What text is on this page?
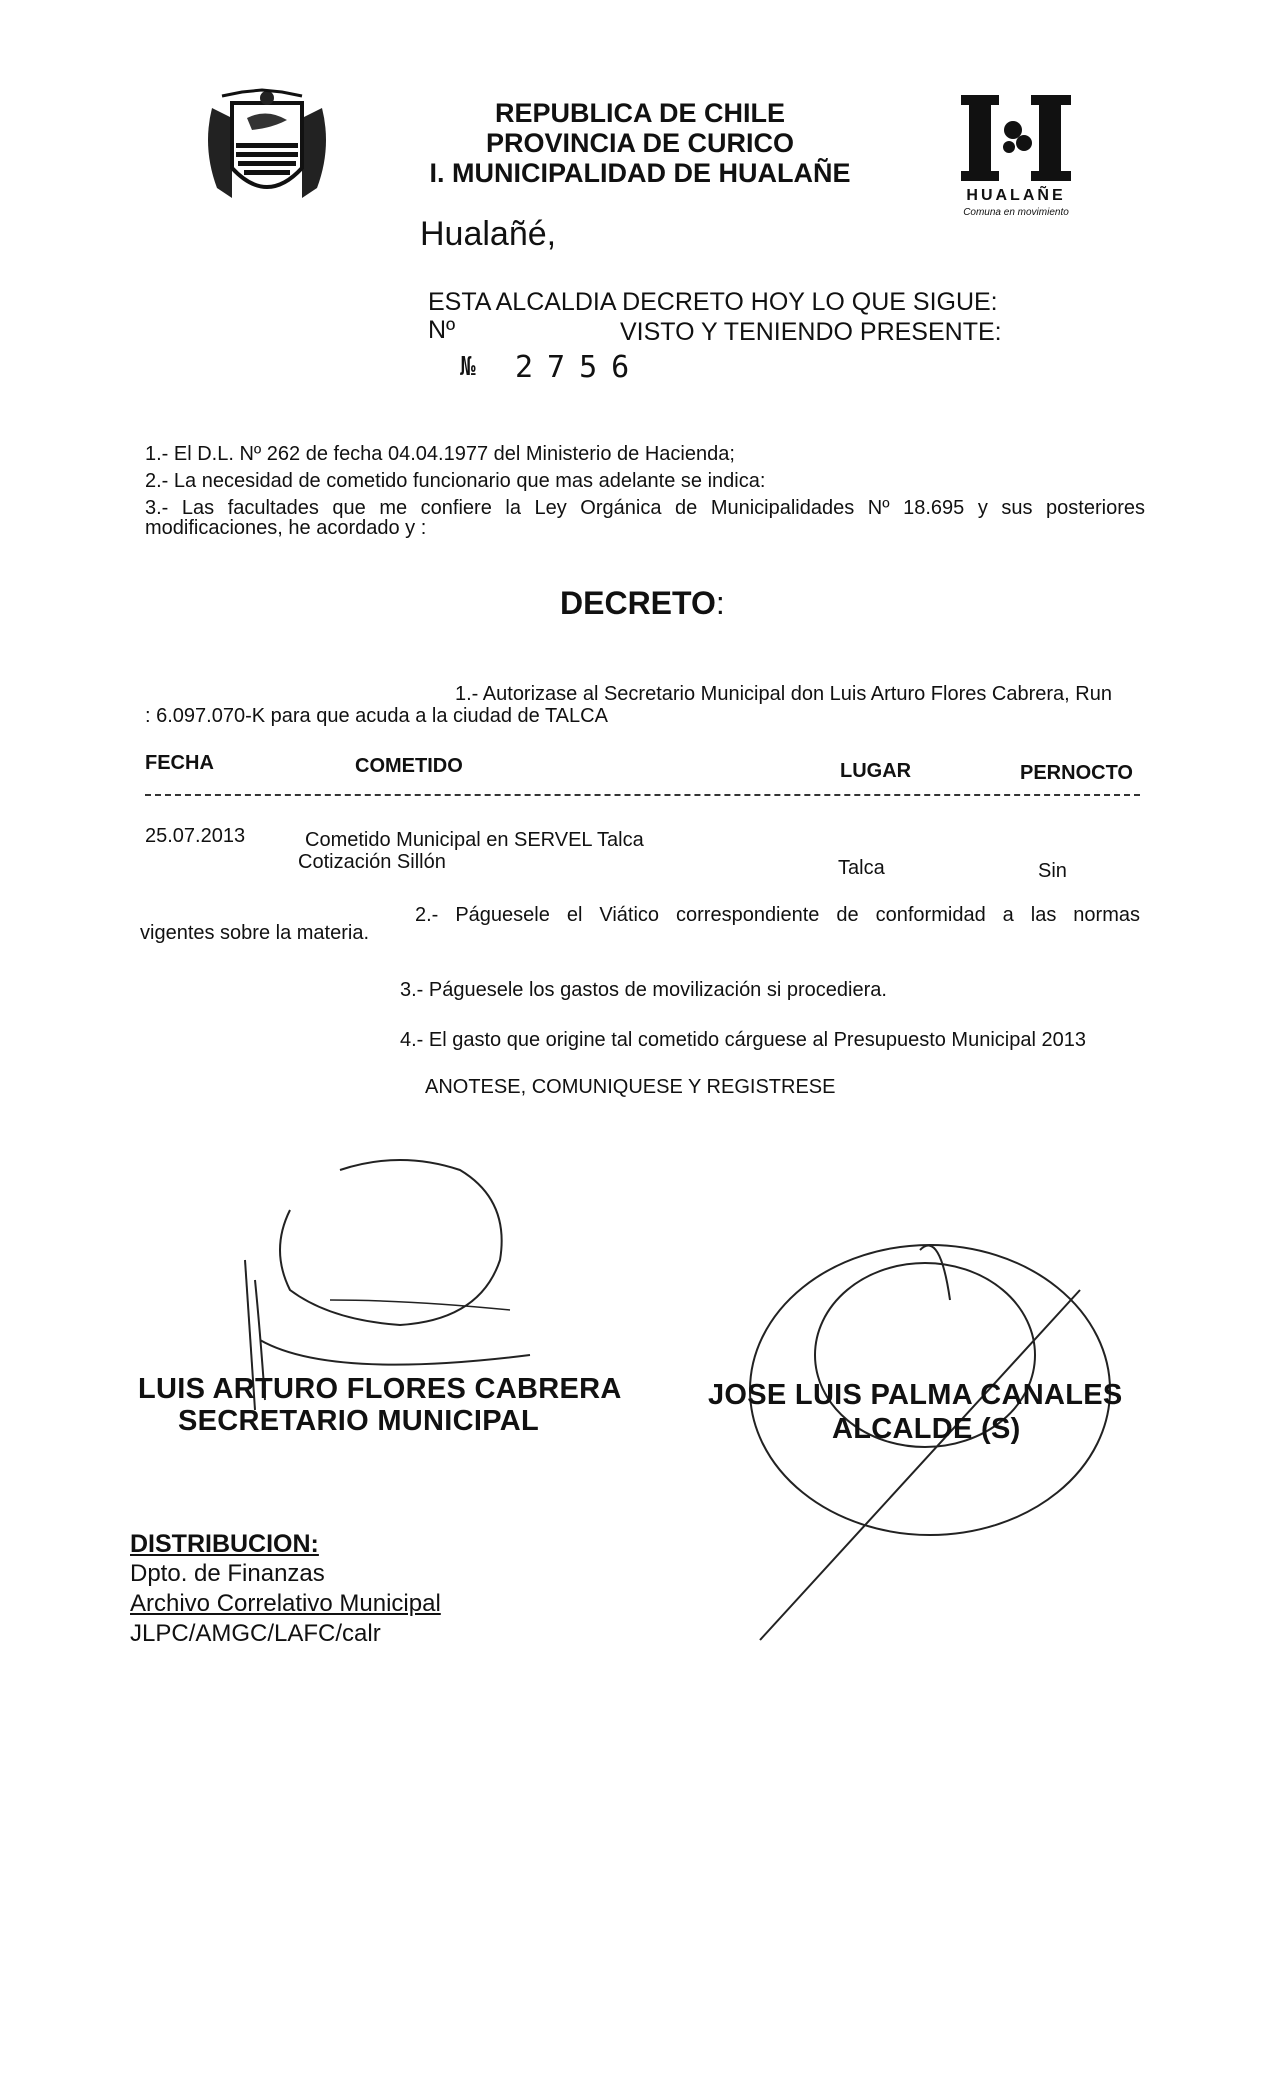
REPUBLICA DE CHILE
PROVINCIA DE CURICO
I. MUNICIPALIDAD DE HUALAÑE
Hualañé,
HUALAÑE
Comuna en movimiento
ESTA ALCALDIA DECRETO HOY LO QUE SIGUE:
Nº	VISTO Y TENIENDO PRESENTE:
№ 2756
1.- El D.L. Nº 262 de fecha 04.04.1977 del Ministerio de Hacienda;
2.- La necesidad de cometido funcionario que mas adelante se indica:
3.- Las facultades que me confiere la Ley Orgánica de Municipalidades Nº 18.695 y sus posteriores
modificaciones, he acordado y :
DECRETO:
1.- Autorizase al Secretario Municipal don Luis Arturo Flores Cabrera, Run
: 6.097.070-K para que acuda a la ciudad de TALCA
FECHA	COMETIDO	LUGAR	PERNOCTO
25.07.2013	Cometido Municipal en SERVEL Talca
Cotización Sillón	Talca	Sin
2.- Páguesele el Viático correspondiente de conformidad a las normas
vigentes sobre la materia.
3.- Páguesele los gastos de movilización si procediera.
4.- El gasto que origine tal cometido cárguese al Presupuesto Municipal 2013
ANOTESE, COMUNIQUESE Y REGISTRESE
LUIS ARTURO FLORES CABRERA
SECRETARIO MUNICIPAL
JOSE LUIS PALMA CANALES
ALCALDE (S)
DISTRIBUCION:
Dpto. de Finanzas
Archivo Correlativo Municipal
JLPC/AMGC/LAFC/calr
